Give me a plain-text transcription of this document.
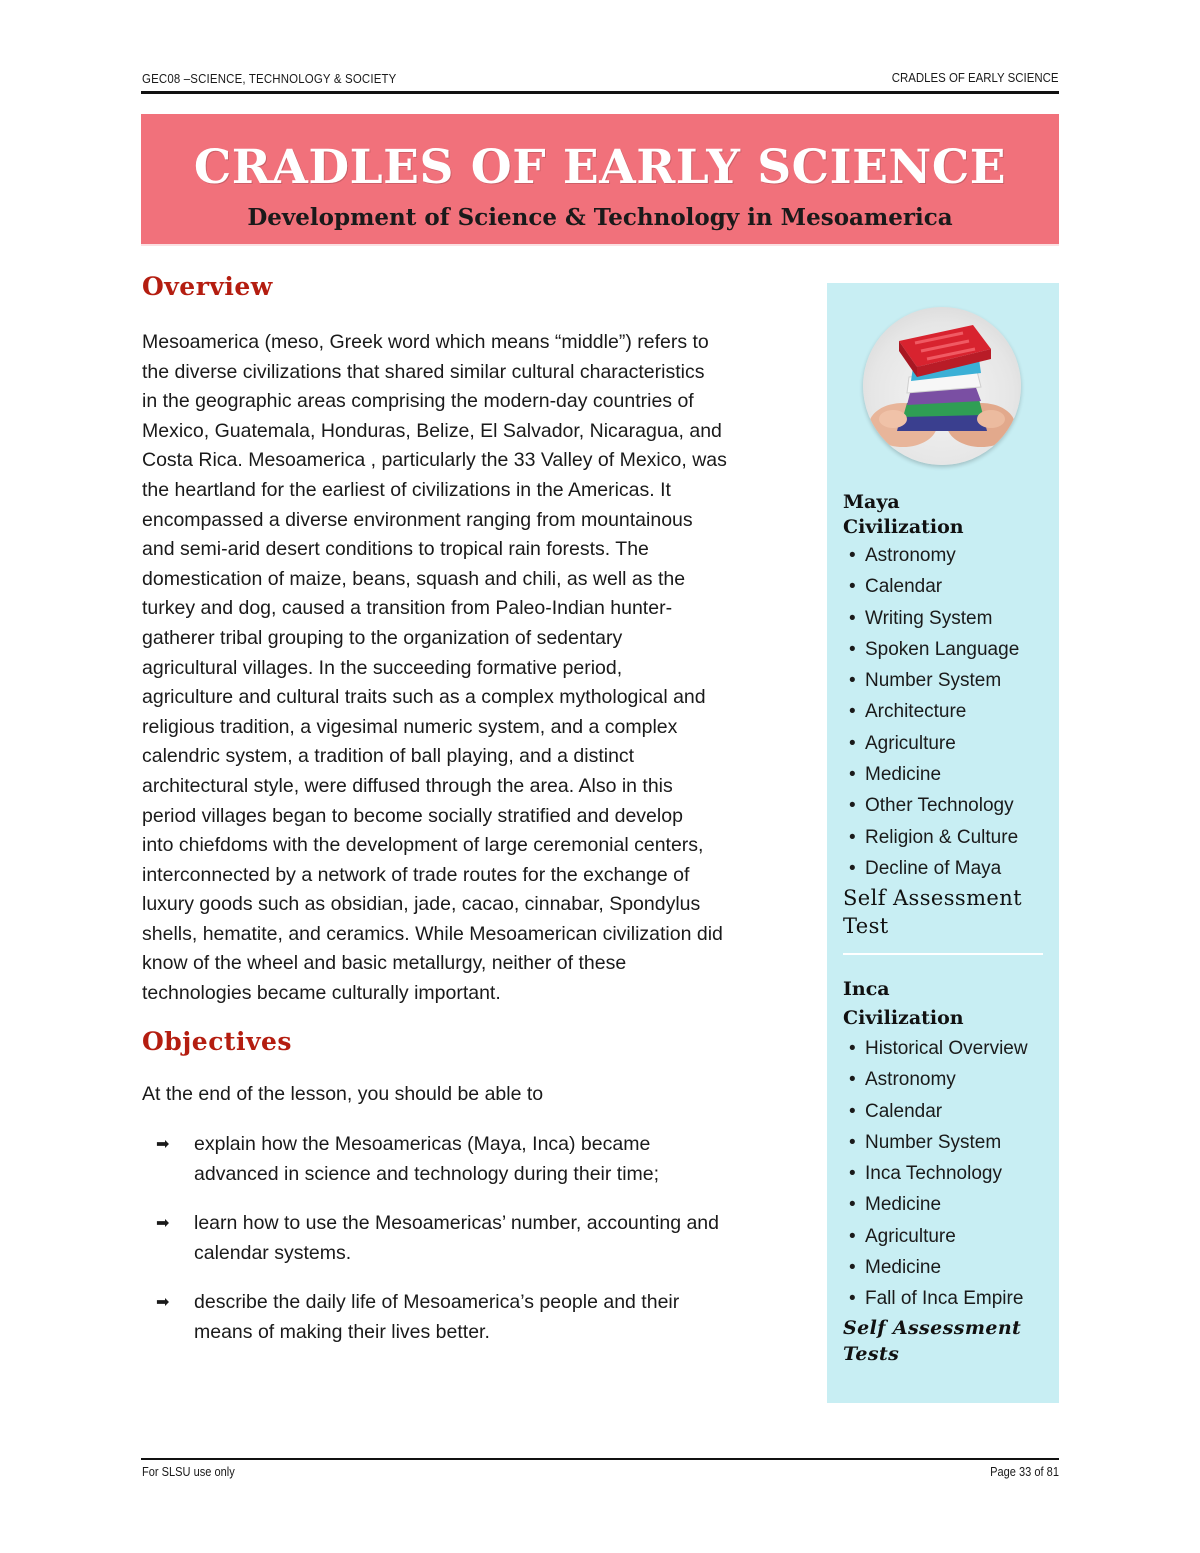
GEC08 –SCIENCE, TECHNOLOGY & SOCIETY	CRADLES OF EARLY SCIENCE
CRADLES OF EARLY SCIENCE
Development of Science & Technology in Mesoamerica
Overview
Mesoamerica (meso, Greek word which means “middle”) refers to
the diverse civilizations that shared similar cultural characteristics
in the geographic areas comprising the modern-day countries of
Mexico, Guatemala, Honduras, Belize, El Salvador, Nicaragua, and
Costa Rica. Mesoamerica , particularly the 33 Valley of Mexico, was
the heartland for the earliest of civilizations in the Americas. It
encompassed a diverse environment ranging from mountainous
and semi-arid desert conditions to tropical rain forests. The
domestication of maize, beans, squash and chili, as well as the
turkey and dog, caused a transition from Paleo-Indian hunter-
gatherer tribal grouping to the organization of sedentary
agricultural villages. In the succeeding formative period,
agriculture and cultural traits such as a complex mythological and
religious tradition, a vigesimal numeric system, and a complex
calendric system, a tradition of ball playing, and a distinct
architectural style, were diffused through the area. Also in this
period villages began to become socially stratified and develop
into chiefdoms with the development of large ceremonial centers,
interconnected by a network of trade routes for the exchange of
luxury goods such as obsidian, jade, cacao, cinnabar, Spondylus
shells, hematite, and ceramics. While Mesoamerican civilization did
know of the wheel and basic metallurgy, neither of these
technologies became culturally important.
Objectives

At the end of the lesson, you should be able to

➡ explain how the Mesoamericas (Maya, Inca) became
advanced in science and technology during their time;
➡ learn how to use the Mesoamericas’ number, accounting and
calendar systems.
➡ describe the daily life of Mesoamerica’s people and their
means of making their lives better.
Maya
Civilization
• Astronomy
• Calendar
• Writing System
• Spoken Language
• Number System
• Architecture
• Agriculture
• Medicine
• Other Technology
• Religion & Culture
• Decline of Maya
Self Assessment
Test
Inca
Civilization
• Historical Overview
• Astronomy
• Calendar
• Number System
• Inca Technology
• Medicine
• Agriculture
• Medicine
• Fall of Inca Empire
Self Assessment
Tests
For SLSU use only	Page 33 of 81
